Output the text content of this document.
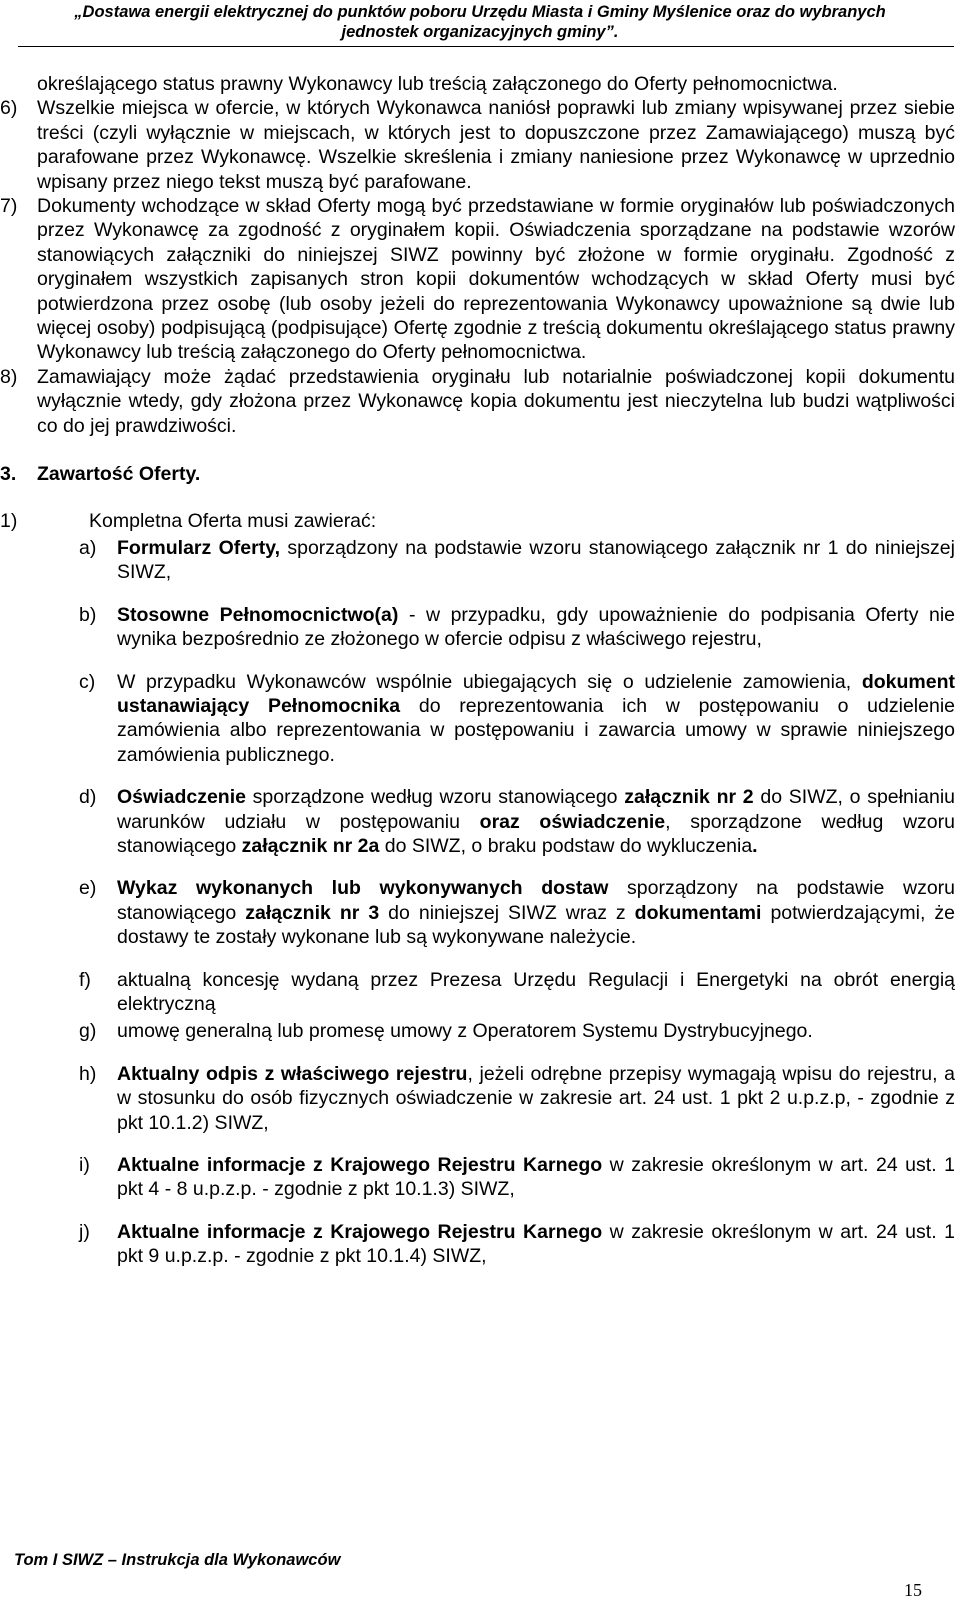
„Dostawa energii elektrycznej do punktów poboru Urzędu Miasta i Gminy Myślenice oraz do wybranych
jednostek organizacyjnych gminy”.

określającego status prawny Wykonawcy lub treścią załączonego do Oferty pełnomocnictwa.

6) Wszelkie miejsca w ofercie, w których Wykonawca naniósł poprawki lub zmiany wpisywanej przez siebie treści (czyli wyłącznie w miejscach, w których jest to dopuszczone przez Zamawiającego) muszą być parafowane przez Wykonawcę. Wszelkie skreślenia i zmiany naniesione przez Wykonawcę w uprzednio wpisany przez niego tekst muszą być parafowane.

7) Dokumenty wchodzące w skład Oferty mogą być przedstawiane w formie oryginałów lub poświadczonych przez Wykonawcę za zgodność z oryginałem kopii. Oświadczenia sporządzane na podstawie wzorów stanowiących załączniki do niniejszej SIWZ powinny być złożone w formie oryginału. Zgodność z oryginałem wszystkich zapisanych stron kopii dokumentów wchodzących w skład Oferty musi być potwierdzona przez osobę (lub osoby jeżeli do reprezentowania Wykonawcy upoważnione są dwie lub więcej osoby) podpisującą (podpisujące) Ofertę zgodnie z treścią dokumentu określającego status prawny Wykonawcy lub treścią załączonego do Oferty pełnomocnictwa.

8) Zamawiający może żądać przedstawienia oryginału lub notarialnie poświadczonej kopii dokumentu wyłącznie wtedy, gdy złożona przez Wykonawcę kopia dokumentu jest nieczytelna lub budzi wątpliwości co do jej prawdziwości.

3. Zawartość Oferty.

1)	Kompletna Oferta musi zawierać:

a) Formularz Oferty, sporządzony na podstawie wzoru stanowiącego załącznik nr 1 do niniejszej SIWZ,

b) Stosowne Pełnomocnictwo(a) - w przypadku, gdy upoważnienie do podpisania Oferty nie wynika bezpośrednio ze złożonego w ofercie odpisu z właściwego rejestru,

c) W przypadku Wykonawców wspólnie ubiegających się o udzielenie zamowienia, dokument ustanawiający Pełnomocnika do reprezentowania ich w postępowaniu o udzielenie zamówienia albo reprezentowania w postępowaniu i zawarcia umowy w sprawie niniejszego zamówienia publicznego.

d) Oświadczenie sporządzone według wzoru stanowiącego załącznik nr 2 do SIWZ, o spełnianiu warunków udziału w postępowaniu oraz oświadczenie, sporządzone według wzoru stanowiącego załącznik nr 2a do SIWZ, o braku podstaw do wykluczenia.

e) Wykaz wykonanych lub wykonywanych dostaw sporządzony na podstawie wzoru stanowiącego załącznik nr 3 do niniejszej SIWZ wraz z dokumentami potwierdzającymi, że dostawy te zostały wykonane lub są wykonywane należycie.

f) aktualną koncesję wydaną przez Prezesa Urzędu Regulacji i Energetyki na obrót energią elektryczną

g) umowę generalną lub promesę umowy z Operatorem Systemu Dystrybucyjnego.

h) Aktualny odpis z właściwego rejestru, jeżeli odrębne przepisy wymagają wpisu do rejestru, a w stosunku do osób fizycznych oświadczenie w zakresie art. 24 ust. 1 pkt 2 u.p.z.p, - zgodnie z pkt 10.1.2) SIWZ,

i) Aktualne informacje z Krajowego Rejestru Karnego w zakresie określonym w art. 24 ust. 1 pkt 4 - 8 u.p.z.p. - zgodnie z pkt 10.1.3) SIWZ,

j) Aktualne informacje z Krajowego Rejestru Karnego w zakresie określonym w art. 24 ust. 1 pkt 9 u.p.z.p. - zgodnie z pkt 10.1.4) SIWZ,

Tom I SIWZ – Instrukcja dla Wykonawców
15
